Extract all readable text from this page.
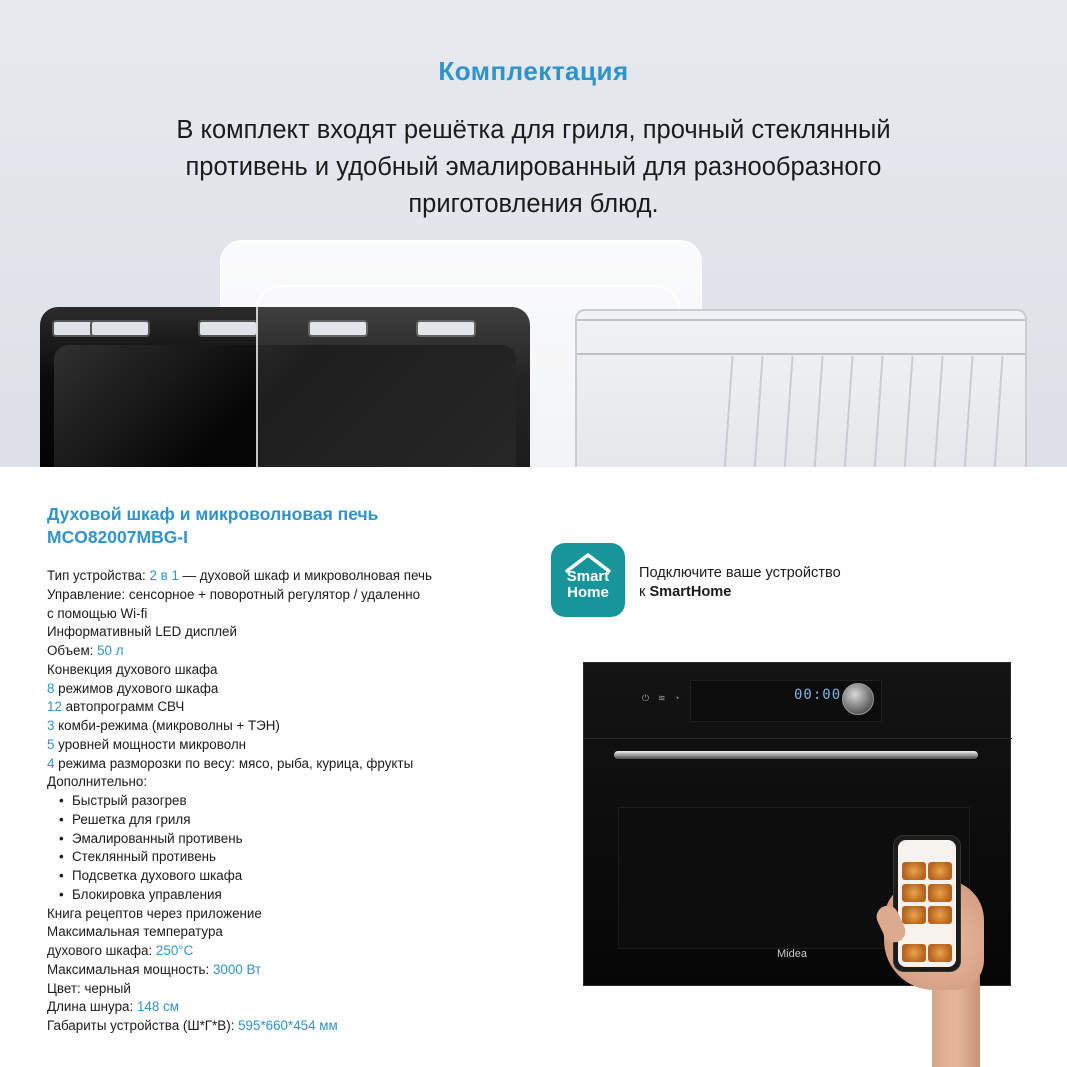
Комплектация
В комплект входят решётка для гриля, прочный стеклянный
противень и удобный эмалированный для разнообразного
приготовления блюд.
Духовой шкаф и микроволновая печь
MCO82007MBG-I
Тип устройства: 2 в 1 — духовой шкаф и микроволновая печь
Управление: сенсорное + поворотный регулятор / удаленно
с помощью Wi-fi
Информативный LED дисплей
Объем: 50 л
Конвекция духового шкафа
8 режимов духового шкафа
12 автопрограмм СВЧ
3 комби-режима (микроволны + ТЭН)
5 уровней мощности микроволн
4 режима разморозки по весу: мясо, рыба, курица, фрукты
Дополнительно:
• Быстрый разогрев
• Решетка для гриля
• Эмалированный противень
• Стеклянный противень
• Подсветка духового шкафа
• Блокировка управления
Книга рецептов через приложение
Максимальная температура
духового шкафа: 250°C
Максимальная мощность: 3000 Вт
Цвет: черный
Длина шнура: 148 см
Габариты устройства (Ш*Г*В): 595*660*454 мм
Smart
Home
Подключите ваше устройство
к SmartHome
⏻ ≋ ◔	00:00
Midea
